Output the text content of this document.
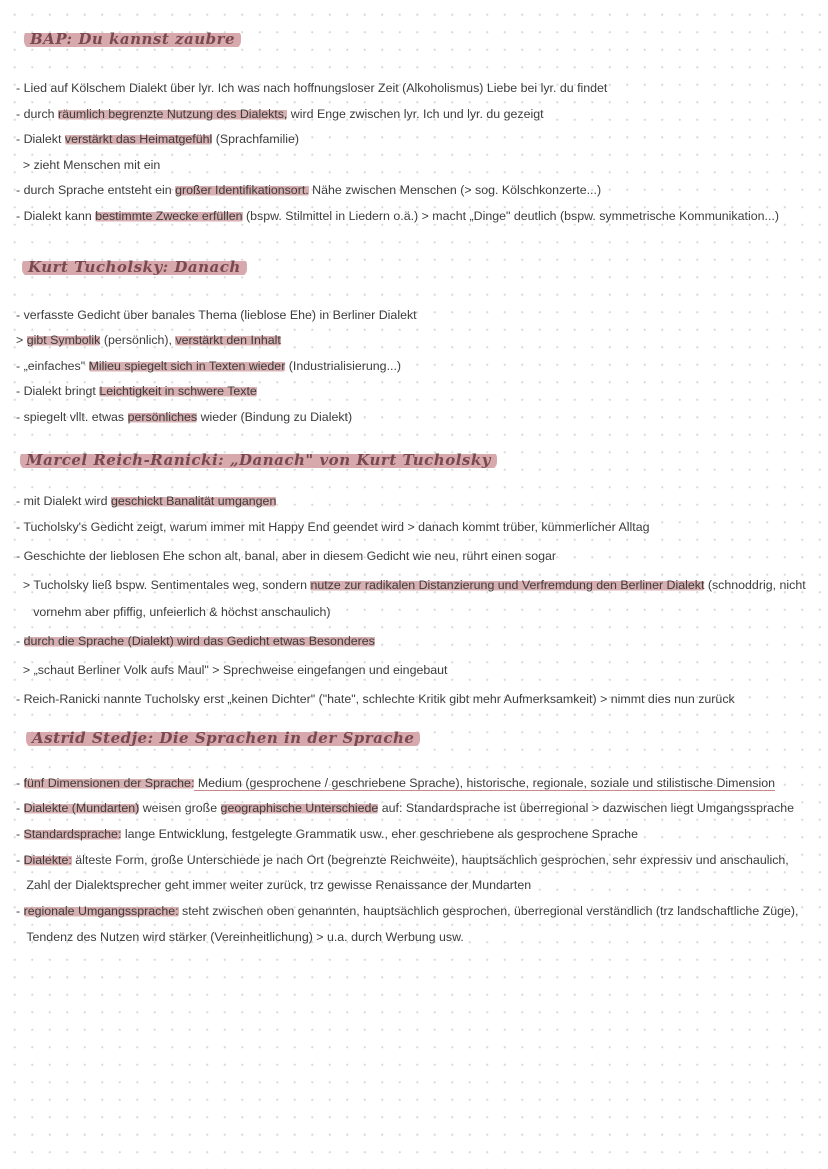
BAP: Du kannst zaubre
- Lied auf Kölschem Dialekt über lyr. Ich was nach hoffnungsloser Zeit (Alkoholismus) Liebe bei lyr. du findet
- durch räumlich begrenzte Nutzung des Dialekts, wird Enge zwischen lyr. Ich und lyr. du gezeigt
- Dialekt verstärkt das Heimatgefühl (Sprachfamilie)
> zieht Menschen mit ein
- durch Sprache entsteht ein großer Identifikationsort. Nähe zwischen Menschen (> sog. Kölschkonzerte...)
- Dialekt kann bestimmte Zwecke erfüllen (bspw. Stilmittel in Liedern o.ä.) > macht „Dinge" deutlich (bspw. symmetrische Kommunikation...)
Kurt Tucholsky: Danach
- verfasste Gedicht über banales Thema (lieblose Ehe) in Berliner Dialekt
> gibt Symbolik (persönlich), verstärkt den Inhalt
- „einfaches" Milieu spiegelt sich in Texten wieder (Industrialisierung...)
- Dialekt bringt Leichtigkeit in schwere Texte
- spiegelt vllt. etwas persönliches wieder (Bindung zu Dialekt)
Marcel Reich-Ranicki: „Danach" von Kurt Tucholsky
- mit Dialekt wird geschickt Banalität umgangen
- Tucholsky's Gedicht zeigt, warum immer mit Happy End geendet wird > danach kommt trüber, kümmerlicher Alltag
- Geschichte der lieblosen Ehe schon alt, banal, aber in diesem Gedicht wie neu, rührt einen sogar
> Tucholsky ließ bspw. Sentimentales weg, sondern nutze zur radikalen Distanzierung und Verfremdung den Berliner Dialekt (schnoddrig, nicht
vornehm aber pfiffig, unfeierlich & höchst anschaulich)
- durch die Sprache (Dialekt) wird das Gedicht etwas Besonderes
> „schaut Berliner Volk aufs Maul" > Sprechweise eingefangen und eingebaut
- Reich-Ranicki nannte Tucholsky erst „keinen Dichter" ("hate", schlechte Kritik gibt mehr Aufmerksamkeit) > nimmt dies nun zurück
Astrid Stedje: Die Sprachen in der Sprache
- fünf Dimensionen der Sprache: Medium (gesprochene / geschriebene Sprache), historische, regionale, soziale und stilistische Dimension
- Dialekte (Mundarten) weisen große geographische Unterschiede auf: Standardsprache ist überregional > dazwischen liegt Umgangssprache
- Standardsprache: lange Entwicklung, festgelegte Grammatik usw., eher geschriebene als gesprochene Sprache
- Dialekte: älteste Form, große Unterschiede je nach Ort (begrenzte Reichweite), hauptsächlich gesprochen, sehr expressiv und anschaulich,
Zahl der Dialektsprecher geht immer weiter zurück, trz gewisse Renaissance der Mundarten
- regionale Umgangssprache: steht zwischen oben genannten, hauptsächlich gesprochen, überregional verständlich (trz landschaftliche Züge),
Tendenz des Nutzen wird stärker (Vereinheitlichung) > u.a. durch Werbung usw.
